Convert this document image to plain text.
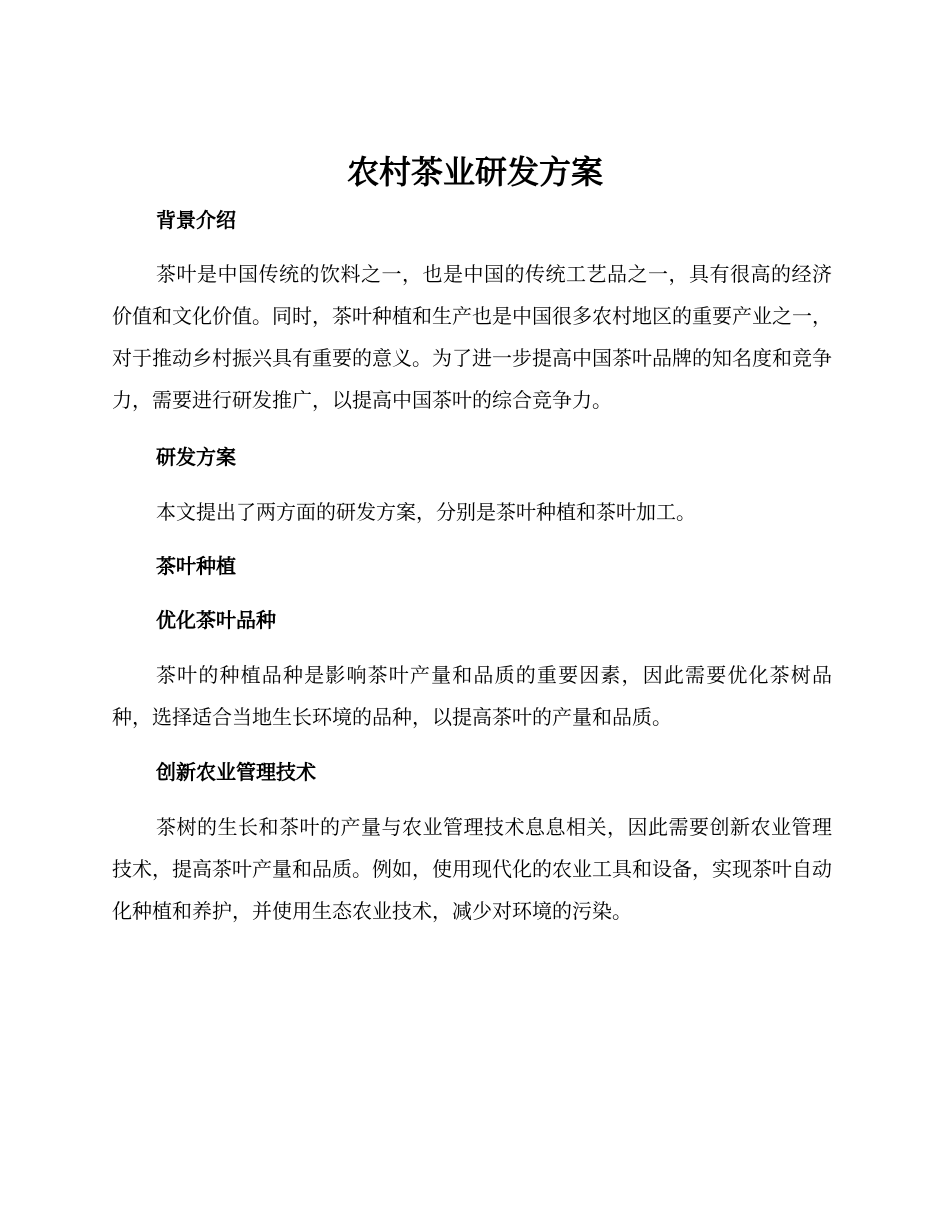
农村茶业研发方案
背景介绍

茶叶是中国传统的饮料之一，也是中国的传统工艺品之一，具有很高的经济价值和文化价值。同时，茶叶种植和生产也是中国很多农村地区的重要产业之一，对于推动乡村振兴具有重要的意义。为了进一步提高中国茶叶品牌的知名度和竞争力，需要进行研发推广，以提高中国茶叶的综合竞争力。

研发方案

本文提出了两方面的研发方案，分别是茶叶种植和茶叶加工。

茶叶种植
优化茶叶品种

茶叶的种植品种是影响茶叶产量和品质的重要因素，因此需要优化茶树品种，选择适合当地生长环境的品种，以提高茶叶的产量和品质。

创新农业管理技术

茶树的生长和茶叶的产量与农业管理技术息息相关，因此需要创新农业管理技术，提高茶叶产量和品质。例如，使用现代化的农业工具和设备，实现茶叶自动化种植和养护，并使用生态农业技术，减少对环境的污染。
